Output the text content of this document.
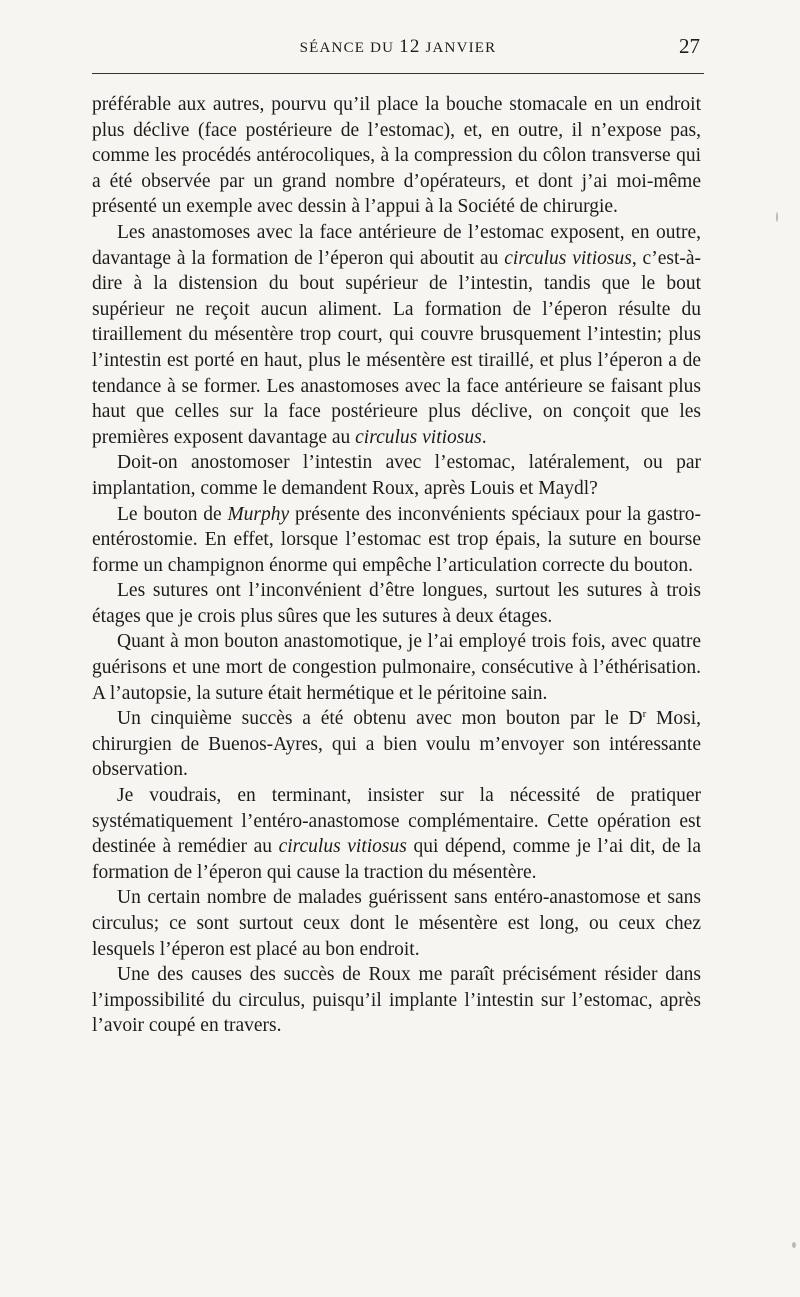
SÉANCE DU 12 JANVIER	27

préférable aux autres, pourvu qu’il place la bouche stomacale en un endroit plus déclive (face postérieure de l’estomac), et, en outre, il n’expose pas, comme les procédés antérocoliques, à la compression du côlon transverse qui a été observée par un grand nombre d’opérateurs, et dont j’ai moi-même présenté un exemple avec dessin à l’appui à la Société de chirurgie.

Les anastomoses avec la face antérieure de l’estomac exposent, en outre, davantage à la formation de l’éperon qui aboutit au circulus vitiosus, c’est-à-dire à la distension du bout supérieur de l’intestin, tandis que le bout supérieur ne reçoit aucun aliment. La formation de l’éperon résulte du tiraillement du mésentère trop court, qui couvre brusquement l’intestin; plus l’intestin est porté en haut, plus le mésentère est tiraillé, et plus l’éperon a de tendance à se former. Les anastomoses avec la face antérieure se faisant plus haut que celles sur la face postérieure plus déclive, on conçoit que les premières exposent davantage au circulus vitiosus.

Doit-on anostomoser l’intestin avec l’estomac, latéralement, ou par implantation, comme le demandent Roux, après Louis et Maydl?

Le bouton de Murphy présente des inconvénients spéciaux pour la gastro-entérostomie. En effet, lorsque l’estomac est trop épais, la suture en bourse forme un champignon énorme qui empêche l’articulation correcte du bouton.

Les sutures ont l’inconvénient d’être longues, surtout les sutures à trois étages que je crois plus sûres que les sutures à deux étages.

Quant à mon bouton anastomotique, je l’ai employé trois fois, avec quatre guérisons et une mort de congestion pulmonaire, consécutive à l’éthérisation. A l’autopsie, la suture était hermétique et le péritoine sain.

Un cinquième succès a été obtenu avec mon bouton par le $D^r$ Mosi, chirurgien de Buenos-Ayres, qui a bien voulu m’envoyer son intéressante observation.

Je voudrais, en terminant, insister sur la nécessité de pratiquer systématiquement l’entéro-anastomose complémentaire. Cette opération est destinée à remédier au circulus vitiosus qui dépend, comme je l’ai dit, de la formation de l’éperon qui cause la traction du mésentère.

Un certain nombre de malades guérissent sans entéro-anastomose et sans circulus; ce sont surtout ceux dont le mésentère est long, ou ceux chez lesquels l’éperon est placé au bon endroit.

Une des causes des succès de Roux me paraît précisément résider dans l’impossibilité du circulus, puisqu’il implante l’intestin sur l’estomac, après l’avoir coupé en travers.
